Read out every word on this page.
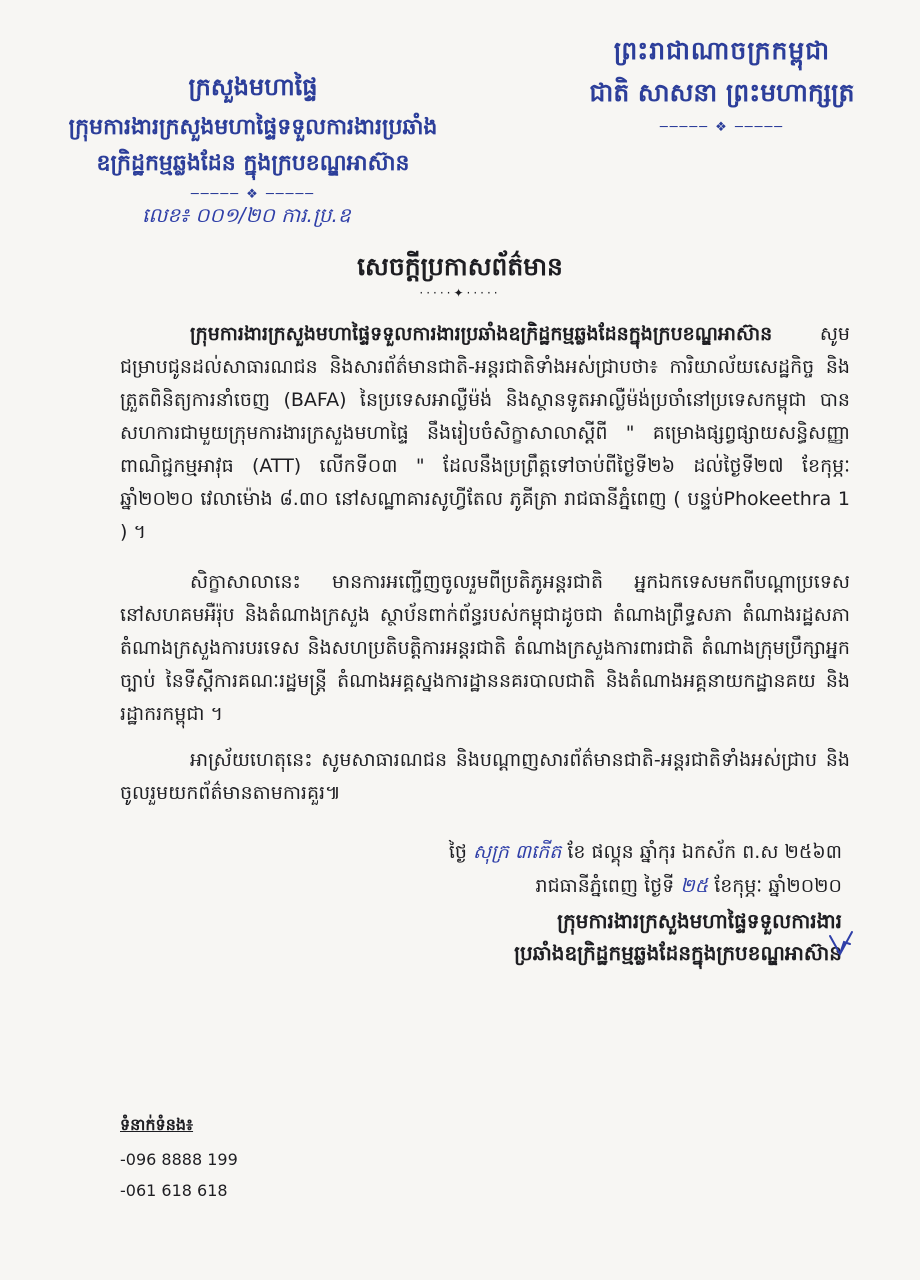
ព្រះរាជាណាចក្រកម្ពុជា
ជាតិ សាសនា ព្រះមហាក្សត្រ
───── ❖ ─────
ក្រសួងមហាផ្ទៃ
ក្រុមការងារក្រសួងមហាផ្ទៃទទួលការងារប្រឆាំង
ឧក្រិដ្ឋកម្មឆ្លងដែន ក្នុងក្របខណ្ឌអាស៊ាន
───── ❖ ─────
លេខ៖ ០០១/២០ ការ.ប្រ.ឧ
សេចក្តីប្រកាសព័ត៌មាន
·····✦·····
ក្រុមការងារក្រសួងមហាផ្ទៃទទួលការងារប្រឆាំងឧក្រិដ្ឋកម្មឆ្លងដែនក្នុងក្របខណ្ឌអាស៊ាន	សូមជម្រាបជូនដល់សាធារណជន និងសារព័ត៌មានជាតិ-អន្តរជាតិទាំងអស់ជ្រាបថា៖ ការិយាល័យសេដ្ឋកិច្ច និងត្រួតពិនិត្យការនាំចេញ (BAFA) នៃប្រទេសអាល្លឺម៉ង់ និងស្ថានទូតអាល្លឺម៉ង់ប្រចាំនៅប្រទេសកម្ពុជា បានសហការជាមួយក្រុមការងារក្រសួងមហាផ្ទៃ នឹងរៀបចំសិក្ខាសាលាស្តីពី " គម្រោងផ្សព្វផ្សាយសន្ធិសញ្ញាពាណិជ្ជកម្មអាវុធ (ATT) លើកទី០៣ " ដែលនឹងប្រព្រឹត្តទៅចាប់ពីថ្ងៃទី២៦ ដល់ថ្ងៃទី២៧ ខែកុម្ភៈ ឆ្នាំ២០២០ វេលាម៉ោង ៨.៣០ នៅសណ្ឋាគារសូហ្វីតែល ភូគីត្រា រាជធានីភ្នំពេញ ( បន្ទប់Phokeethra 1 ) ។
សិក្ខាសាលានេះ មានការអញ្ជើញចូលរួមពីប្រតិភូអន្តរជាតិ អ្នកឯកទេសមកពីបណ្តាប្រទេសនៅសហគមអឺរ៉ុប និងតំណាងក្រសួង ស្ថាប័នពាក់ព័ន្ធរបស់កម្ពុជាដូចជា តំណាងព្រឹទ្ធសភា តំណាងរដ្ឋសភា តំណាងក្រសួងការបរទេស និងសហប្រតិបត្តិការអន្តរជាតិ តំណាងក្រសួងការពារជាតិ តំណាងក្រុមប្រឹក្សាអ្នកច្បាប់ នៃទីស្តីការគណៈរដ្ឋមន្ត្រី តំណាងអគ្គស្នងការដ្ឋាននគរបាលជាតិ និងតំណាងអគ្គនាយកដ្ឋានគយ និងរដ្ឋាករកម្ពុជា ។
អាស្រ័យហេតុនេះ សូមសាធារណជន និងបណ្តាញសារព័ត៌មានជាតិ-អន្តរជាតិទាំងអស់ជ្រាប និងចូលរួមយកព័ត៌មានតាមការគួរ៕
ថ្ងៃ សុក្រ ៣កើត ខែ ផល្គុន ឆ្នាំកុរ ឯកស័ក ព.ស ២៥៦៣
រាជធានីភ្នំពេញ ថ្ងៃទី ២៥ ខែកុម្ភៈ ឆ្នាំ២០២០
ក្រុមការងារក្រសួងមហាផ្ទៃទទួលការងារ
ប្រឆាំងឧក្រិដ្ឋកម្មឆ្លងដែនក្នុងក្របខណ្ឌអាស៊ាន
ទំនាក់ទំនង៖
-096 8888 199
-061 618 618
